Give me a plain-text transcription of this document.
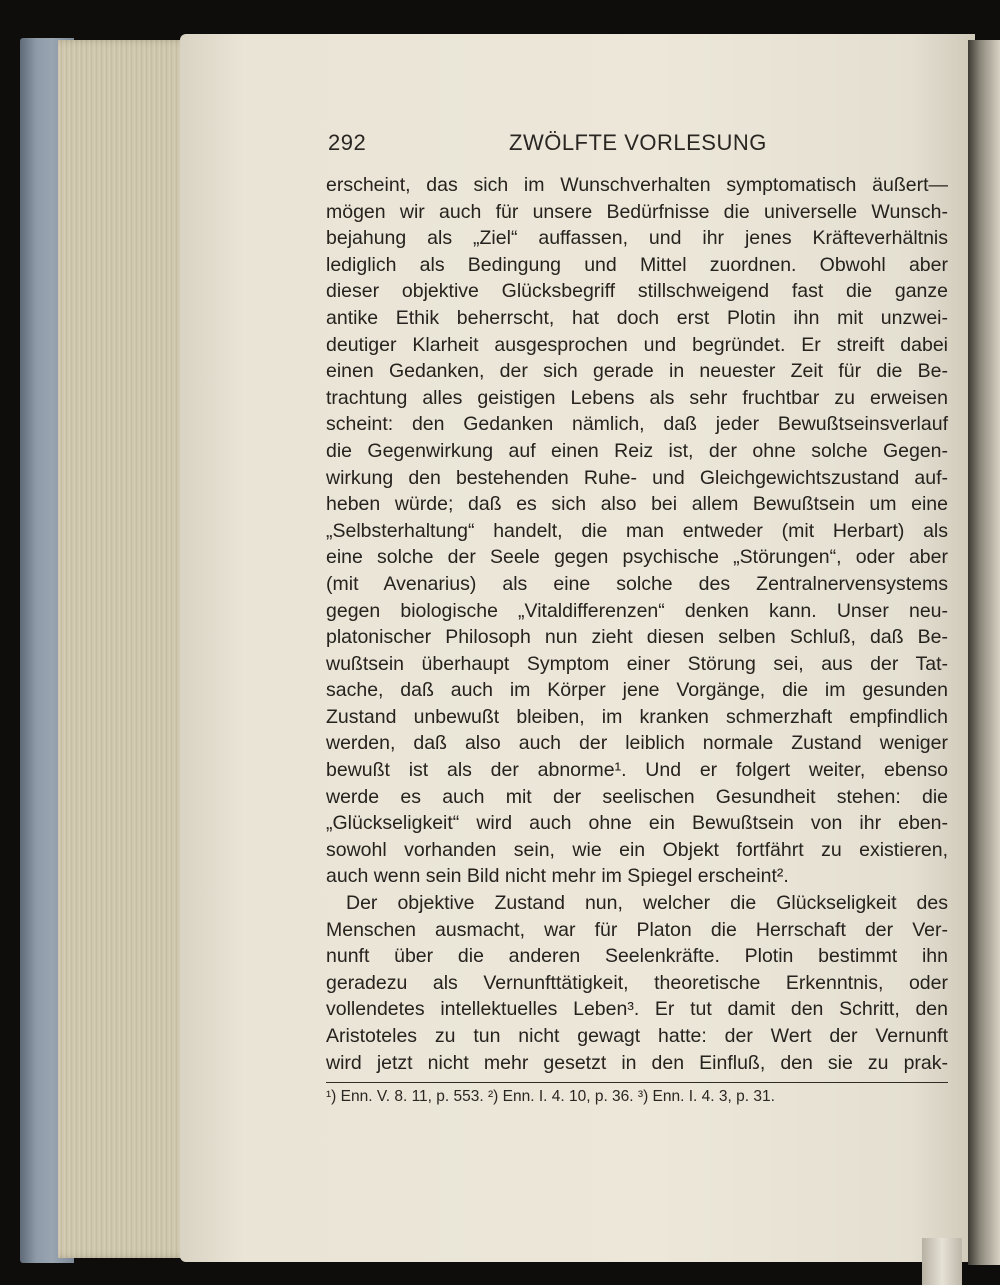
292	ZWÖLFTE VORLESUNG
erscheint, das sich im Wunschverhalten symptomatisch äußert—
mögen wir auch für unsere Bedürfnisse die universelle Wunsch-
bejahung als „Ziel“ auffassen, und ihr jenes Kräfteverhältnis
lediglich als Bedingung und Mittel zuordnen. Obwohl aber
dieser objektive Glücksbegriff stillschweigend fast die ganze
antike Ethik beherrscht, hat doch erst Plotin ihn mit unzwei-
deutiger Klarheit ausgesprochen und begründet. Er streift dabei
einen Gedanken, der sich gerade in neuester Zeit für die Be-
trachtung alles geistigen Lebens als sehr fruchtbar zu erweisen
scheint: den Gedanken nämlich, daß jeder Bewußtseinsverlauf
die Gegenwirkung auf einen Reiz ist, der ohne solche Gegen-
wirkung den bestehenden Ruhe- und Gleichgewichtszustand auf-
heben würde; daß es sich also bei allem Bewußtsein um eine
„Selbsterhaltung“ handelt, die man entweder (mit Herbart) als
eine solche der Seele gegen psychische „Störungen“, oder aber
(mit Avenarius) als eine solche des Zentralnervensystems
gegen biologische „Vitaldifferenzen“ denken kann. Unser neu-
platonischer Philosoph nun zieht diesen selben Schluß, daß Be-
wußtsein überhaupt Symptom einer Störung sei, aus der Tat-
sache, daß auch im Körper jene Vorgänge, die im gesunden
Zustand unbewußt bleiben, im kranken schmerzhaft empfindlich
werden, daß also auch der leiblich normale Zustand weniger
bewußt ist als der abnorme¹. Und er folgert weiter, ebenso
werde es auch mit der seelischen Gesundheit stehen: die
„Glückseligkeit“ wird auch ohne ein Bewußtsein von ihr eben-
sowohl vorhanden sein, wie ein Objekt fortfährt zu existieren,
auch wenn sein Bild nicht mehr im Spiegel erscheint².
Der objektive Zustand nun, welcher die Glückseligkeit des
Menschen ausmacht, war für Platon die Herrschaft der Ver-
nunft über die anderen Seelenkräfte. Plotin bestimmt ihn
geradezu als Vernunfttätigkeit, theoretische Erkenntnis, oder
vollendetes intellektuelles Leben³. Er tut damit den Schritt, den
Aristoteles zu tun nicht gewagt hatte: der Wert der Vernunft
wird jetzt nicht mehr gesetzt in den Einfluß, den sie zu prak-
¹) Enn. V. 8. 11, p. 553. ²) Enn. I. 4. 10, p. 36. ³) Enn. I. 4. 3, p. 31.
